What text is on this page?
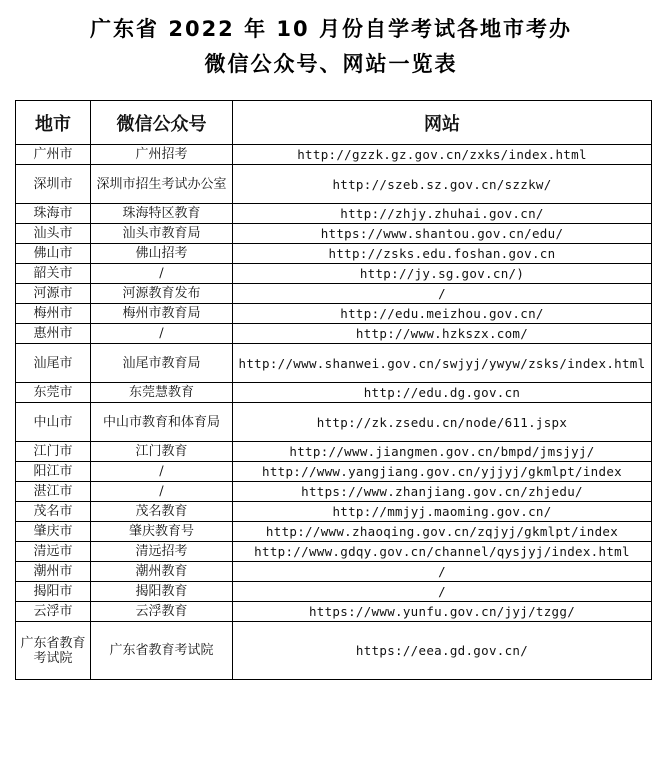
广东省 2022 年 10 月份自学考试各地市考办
微信公众号、网站一览表
地市	微信公众号	网站
广州市	广州招考	http://gzzk.gz.gov.cn/zxks/index.html
深圳市	深圳市招生考试办公室	http://szeb.sz.gov.cn/szzkw/
珠海市	珠海特区教育	http://zhjy.zhuhai.gov.cn/
汕头市	汕头市教育局	https://www.shantou.gov.cn/edu/
佛山市	佛山招考	http://zsks.edu.foshan.gov.cn
韶关市	/	http://jy.sg.gov.cn/)
河源市	河源教育发布	/
梅州市	梅州市教育局	http://edu.meizhou.gov.cn/
惠州市	/	http://www.hzkszx.com/
汕尾市	汕尾市教育局	http://www.shanwei.gov.cn/swjyj/ywyw/zsks/index.html
东莞市	东莞慧教育	http://edu.dg.gov.cn
中山市	中山市教育和体育局	http://zk.zsedu.cn/node/611.jspx
江门市	江门教育	http://www.jiangmen.gov.cn/bmpd/jmsjyj/
阳江市	/	http://www.yangjiang.gov.cn/yjjyj/gkmlpt/index
湛江市	/	https://www.zhanjiang.gov.cn/zhjedu/
茂名市	茂名教育	http://mmjyj.maoming.gov.cn/
肇庆市	肇庆教育号	http://www.zhaoqing.gov.cn/zqjyj/gkmlpt/index
清远市	清远招考	http://www.gdqy.gov.cn/channel/qysjyj/index.html
潮州市	潮州教育	/
揭阳市	揭阳教育	/
云浮市	云浮教育	https://www.yunfu.gov.cn/jyj/tzgg/
广东省教育考试院	广东省教育考试院	https://eea.gd.gov.cn/
